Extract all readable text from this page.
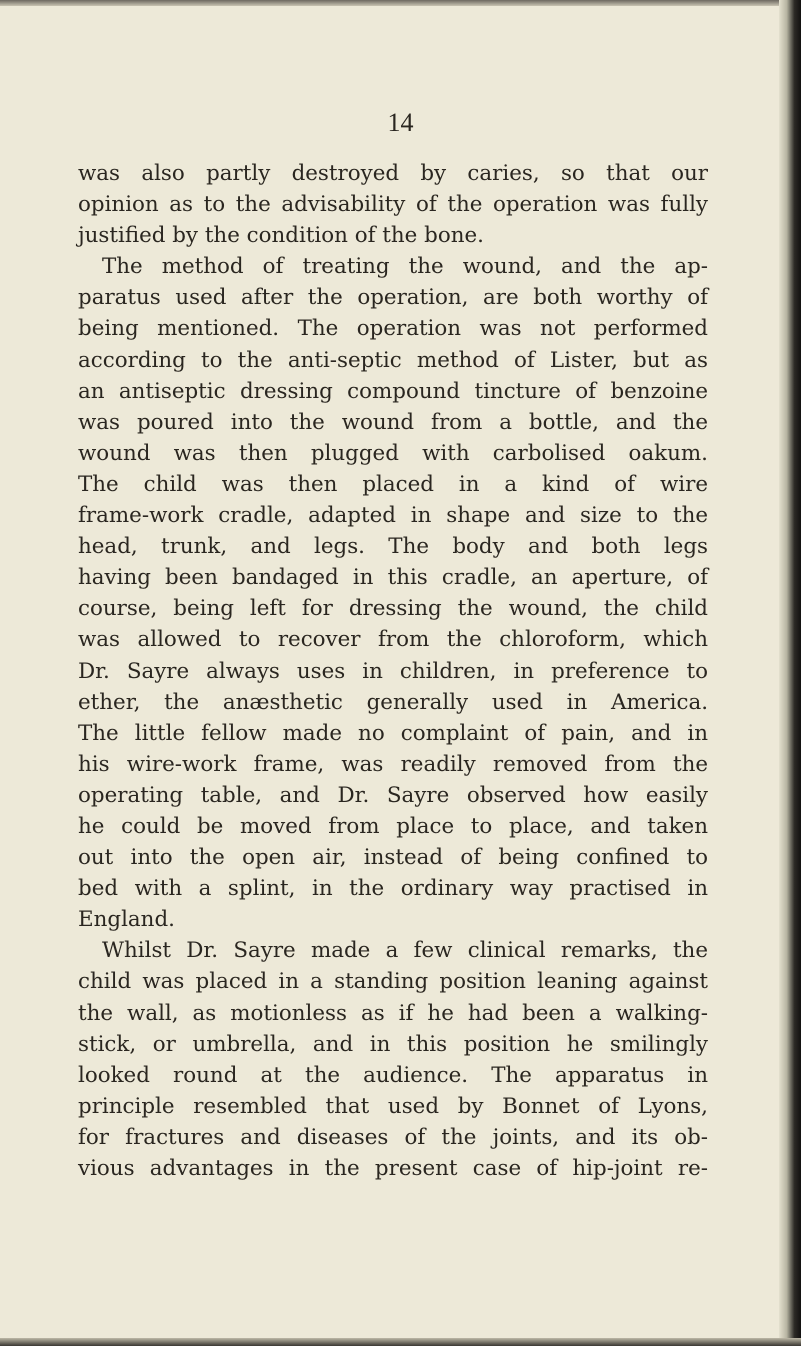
14
was also partly destroyed by caries, so that our
opinion as to the advisability of the operation was fully
justified by the condition of the bone.
The method of treating the wound, and the ap-
paratus used after the operation, are both worthy of
being mentioned. The operation was not performed
according to the anti-septic method of Lister, but as
an antiseptic dressing compound tincture of benzoine
was poured into the wound from a bottle, and the
wound was then plugged with carbolised oakum.
The child was then placed in a kind of wire
frame-work cradle, adapted in shape and size to the
head, trunk, and legs. The body and both legs
having been bandaged in this cradle, an aperture, of
course, being left for dressing the wound, the child
was allowed to recover from the chloroform, which
Dr. Sayre always uses in children, in preference to
ether, the anæsthetic generally used in America.
The little fellow made no complaint of pain, and in
his wire-work frame, was readily removed from the
operating table, and Dr. Sayre observed how easily
he could be moved from place to place, and taken
out into the open air, instead of being confined to
bed with a splint, in the ordinary way practised in
England.
Whilst Dr. Sayre made a few clinical remarks, the
child was placed in a standing position leaning against
the wall, as motionless as if he had been a walking-
stick, or umbrella, and in this position he smilingly
looked round at the audience. The apparatus in
principle resembled that used by Bonnet of Lyons,
for fractures and diseases of the joints, and its ob-
vious advantages in the present case of hip-joint re-
